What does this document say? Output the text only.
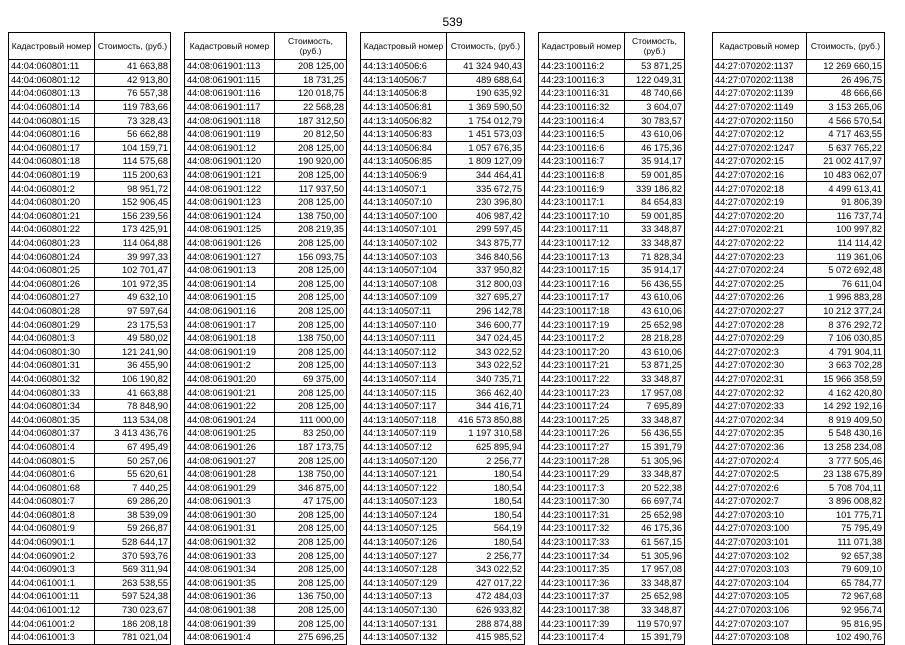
539
Кадастровый номер	Стоимость, (руб.)
44:04:060801:11	41 663,88
44:04:060801:12	42 913,80
44:04:060801:13	76 557,38
44:04:060801:14	119 783,66
44:04:060801:15	73 328,43
44:04:060801:16	56 662,88
44:04:060801:17	104 159,71
44:04:060801:18	114 575,68
44:04:060801:19	115 200,63
44:04:060801:2	98 951,72
44:04:060801:20	152 906,45
44:04:060801:21	156 239,56
44:04:060801:22	173 425,91
44:04:060801:23	114 064,88
44:04:060801:24	39 997,33
44:04:060801:25	102 701,47
44:04:060801:26	101 972,35
44:04:060801:27	49 632,10
44:04:060801:28	97 597,64
44:04:060801:29	23 175,53
44:04:060801:3	49 580,02
44:04:060801:30	121 241,90
44:04:060801:31	36 455,90
44:04:060801:32	106 190,82
44:04:060801:33	41 663,88
44:04:060801:34	78 848,90
44:04:060801:35	113 534,08
44:04:060801:37	3 413 436,76
44:04:060801:4	67 495,49
44:04:060801:5	50 257,06
44:04:060801:6	55 620,61
44:04:060801:68	7 440,25
44:04:060801:7	69 286,20
44:04:060801:8	38 539,09
44:04:060801:9	59 266,87
44:04:060901:1	528 644,17
44:04:060901:2	370 593,76
44:04:060901:3	569 311,94
44:04:061001:1	263 538,55
44:04:061001:11	597 524,38
44:04:061001:12	730 023,67
44:04:061001:2	186 208,18
44:04:061001:3	781 021,04
Кадастровый номер	Стоимость, (руб.)
44:08:061901:113	208 125,00
44:08:061901:115	18 731,25
44:08:061901:116	120 018,75
44:08:061901:117	22 568,28
44:08:061901:118	187 312,50
44:08:061901:119	20 812,50
44:08:061901:12	208 125,00
44:08:061901:120	190 920,00
44:08:061901:121	208 125,00
44:08:061901:122	117 937,50
44:08:061901:123	208 125,00
44:08:061901:124	138 750,00
44:08:061901:125	208 219,35
44:08:061901:126	208 125,00
44:08:061901:127	156 093,75
44:08:061901:13	208 125,00
44:08:061901:14	208 125,00
44:08:061901:15	208 125,00
44:08:061901:16	208 125,00
44:08:061901:17	208 125,00
44:08:061901:18	138 750,00
44:08:061901:19	208 125,00
44:08:061901:2	208 125,00
44:08:061901:20	69 375,00
44:08:061901:21	208 125,00
44:08:061901:22	208 125,00
44:08:061901:24	111 000,00
44:08:061901:25	83 250,00
44:08:061901:26	187 173,75
44:08:061901:27	208 125,00
44:08:061901:28	138 750,00
44:08:061901:29	346 875,00
44:08:061901:3	47 175,00
44:08:061901:30	208 125,00
44:08:061901:31	208 125,00
44:08:061901:32	208 125,00
44:08:061901:33	208 125,00
44:08:061901:34	208 125,00
44:08:061901:35	208 125,00
44:08:061901:36	136 750,00
44:08:061901:38	208 125,00
44:08:061901:39	208 125,00
44:08:061901:4	275 696,25
Кадастровый номер	Стоимость, (руб.)
44:13:140506:6	41 324 940,43
44:13:140506:7	489 688,64
44:13:140506:8	190 635,92
44:13:140506:81	1 369 590,50
44:13:140506:82	1 754 012,79
44:13:140506:83	1 451 573,03
44:13:140506:84	1 057 676,35
44:13:140506:85	1 809 127,09
44:13:140506:9	344 464,41
44:13:140507:1	335 672,75
44:13:140507:10	230 396,80
44:13:140507:100	406 987,42
44:13:140507:101	299 597,45
44:13:140507:102	343 875,77
44:13:140507:103	346 840,56
44:13:140507:104	337 950,82
44:13:140507:108	312 800,03
44:13:140507:109	327 695,27
44:13:140507:11	296 142,78
44:13:140507:110	346 600,77
44:13:140507:111	347 024,45
44:13:140507:112	343 022,52
44:13:140507:113	343 022,52
44:13:140507:114	340 735,71
44:13:140507:115	366 462,40
44:13:140507:117	344 416,71
44:13:140507:118	416 573 850,88
44:13:140507:119	1 197 310,58
44:13:140507:12	625 895,94
44:13:140507:120	2 256,77
44:13:140507:121	180,54
44:13:140507:122	180,54
44:13:140507:123	180,54
44:13:140507:124	180,54
44:13:140507:125	564,19
44:13:140507:126	180,54
44:13:140507:127	2 256,77
44:13:140507:128	343 022,52
44:13:140507:129	427 017,22
44:13:140507:13	472 484,03
44:13:140507:130	626 933,82
44:13:140507:131	288 874,88
44:13:140507:132	415 985,52
Кадастровый номер	Стоимость, (руб.)
44:23:100116:2	53 871,25
44:23:100116:3	122 049,31
44:23:100116:31	48 740,66
44:23:100116:32	3 604,07
44:23:100116:4	30 783,57
44:23:100116:5	43 610,06
44:23:100116:6	46 175,36
44:23:100116:7	35 914,17
44:23:100116:8	59 001,85
44:23:100116:9	339 186,82
44:23:100117:1	84 654,83
44:23:100117:10	59 001,85
44:23:100117:11	33 348,87
44:23:100117:12	33 348,87
44:23:100117:13	71 828,34
44:23:100117:15	35 914,17
44:23:100117:16	56 436,55
44:23:100117:17	43 610,06
44:23:100117:18	43 610,06
44:23:100117:19	25 652,98
44:23:100117:2	28 218,28
44:23:100117:20	43 610,06
44:23:100117:21	53 871,25
44:23:100117:22	33 348,87
44:23:100117:23	17 957,08
44:23:100117:24	7 695,89
44:23:100117:25	33 348,87
44:23:100117:26	56 436,55
44:23:100117:27	15 391,79
44:23:100117:28	51 305,96
44:23:100117:29	33 348,87
44:23:100117:3	20 522,38
44:23:100117:30	66 697,74
44:23:100117:31	25 652,98
44:23:100117:32	46 175,36
44:23:100117:33	61 567,15
44:23:100117:34	51 305,96
44:23:100117:35	17 957,08
44:23:100117:36	33 348,87
44:23:100117:37	25 652,98
44:23:100117:38	33 348,87
44:23:100117:39	119 570,97
44:23:100117:4	15 391,79
Кадастровый номер	Стоимость, (руб.)
44:27:070202:1137	12 269 660,15
44:27:070202:1138	26 496,75
44:27:070202:1139	48 666,66
44:27:070202:1149	3 153 265,06
44:27:070202:1150	4 566 570,54
44:27:070202:12	4 717 463,55
44:27:070202:1247	5 637 765,22
44:27:070202:15	21 002 417,97
44:27:070202:16	10 483 062,07
44:27:070202:18	4 499 613,41
44:27:070202:19	91 806,39
44:27:070202:20	116 737,74
44:27:070202:21	100 997,82
44:27:070202:22	114 114,42
44:27:070202:23	119 361,06
44:27:070202:24	5 072 692,48
44:27:070202:25	76 611,04
44:27:070202:26	1 996 883,28
44:27:070202:27	10 212 377,24
44:27:070202:28	8 376 292,72
44:27:070202:29	7 106 030,85
44:27:070202:3	4 791 904,11
44:27:070202:30	3 663 702,28
44:27:070202:31	15 966 358,59
44:27:070202:32	4 162 420,80
44:27:070202:33	14 292 192,16
44:27:070202:34	8 919 409,50
44:27:070202:35	5 548 430,16
44:27:070202:36	13 258 234,08
44:27:070202:4	3 777 505,46
44:27:070202:5	23 138 675,89
44:27:070202:6	5 708 704,11
44:27:070202:7	3 896 008,82
44:27:070203:10	101 775,71
44:27:070203:100	75 795,49
44:27:070203:101	111 071,38
44:27:070203:102	92 657,38
44:27:070203:103	79 609,10
44:27:070203:104	65 784,77
44:27:070203:105	72 967,68
44:27:070203:106	92 956,74
44:27:070203:107	95 816,95
44:27:070203:108	102 490,76
